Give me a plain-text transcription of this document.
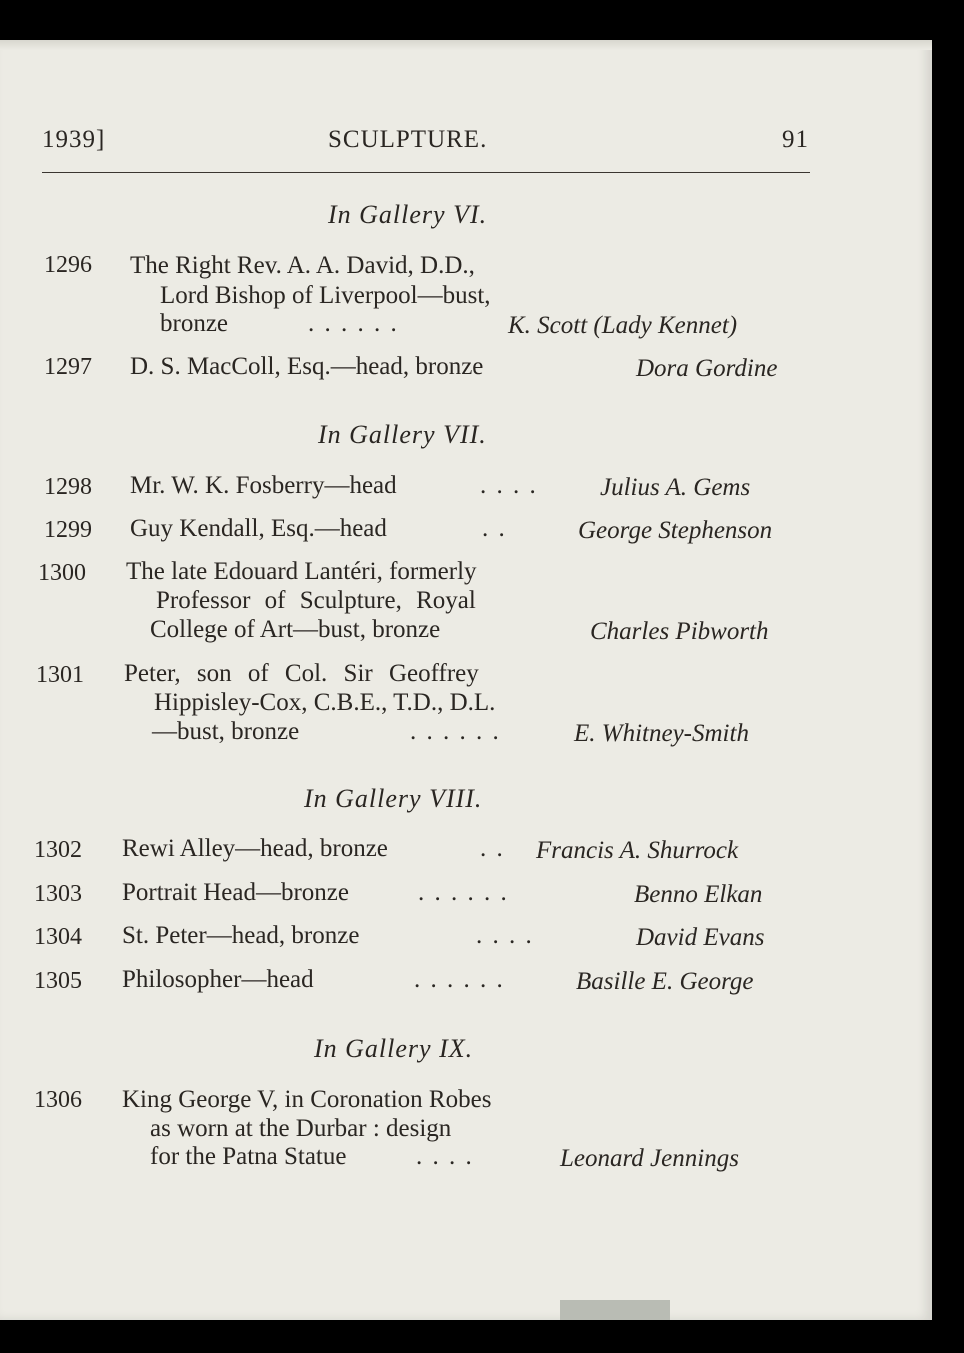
1939]	SCULPTURE.	91
In Gallery VI.
1296 The Right Rev. A. A. David, D.D.,
Lord Bishop of Liverpool—bust,
bronze	. . . . . .	K. Scott (Lady Kennet)
1297 D. S. MacColl, Esq.—head, bronze	Dora Gordine
In Gallery VII.
1298 Mr. W. K. Fosberry—head	. . . . Julius A. Gems
1299 Guy Kendall, Esq.—head	. .	George Stephenson
1300 The late Edouard Lantéri, formerly
Professor of Sculpture, Royal
College of Art—bust, bronze	Charles Pibworth
1301 Peter, son of Col. Sir Geoffrey
Hippisley-Cox, C.B.E., T.D., D.L.
—bust, bronze	. . . . . .	E. Whitney-Smith
In Gallery VIII.
1302 Rewi Alley—head, bronze	. . Francis A. Shurrock
1303 Portrait Head—bronze	. . . . . .	Benno Elkan
1304 St. Peter—head, bronze	. . . .	David Evans
1305 Philosopher—head	. . . . . .	Basille E. George
In Gallery IX.
1306 King George V, in Coronation Robes
as worn at the Durbar : design
for the Patna Statue	. . . .	Leonard Jennings
